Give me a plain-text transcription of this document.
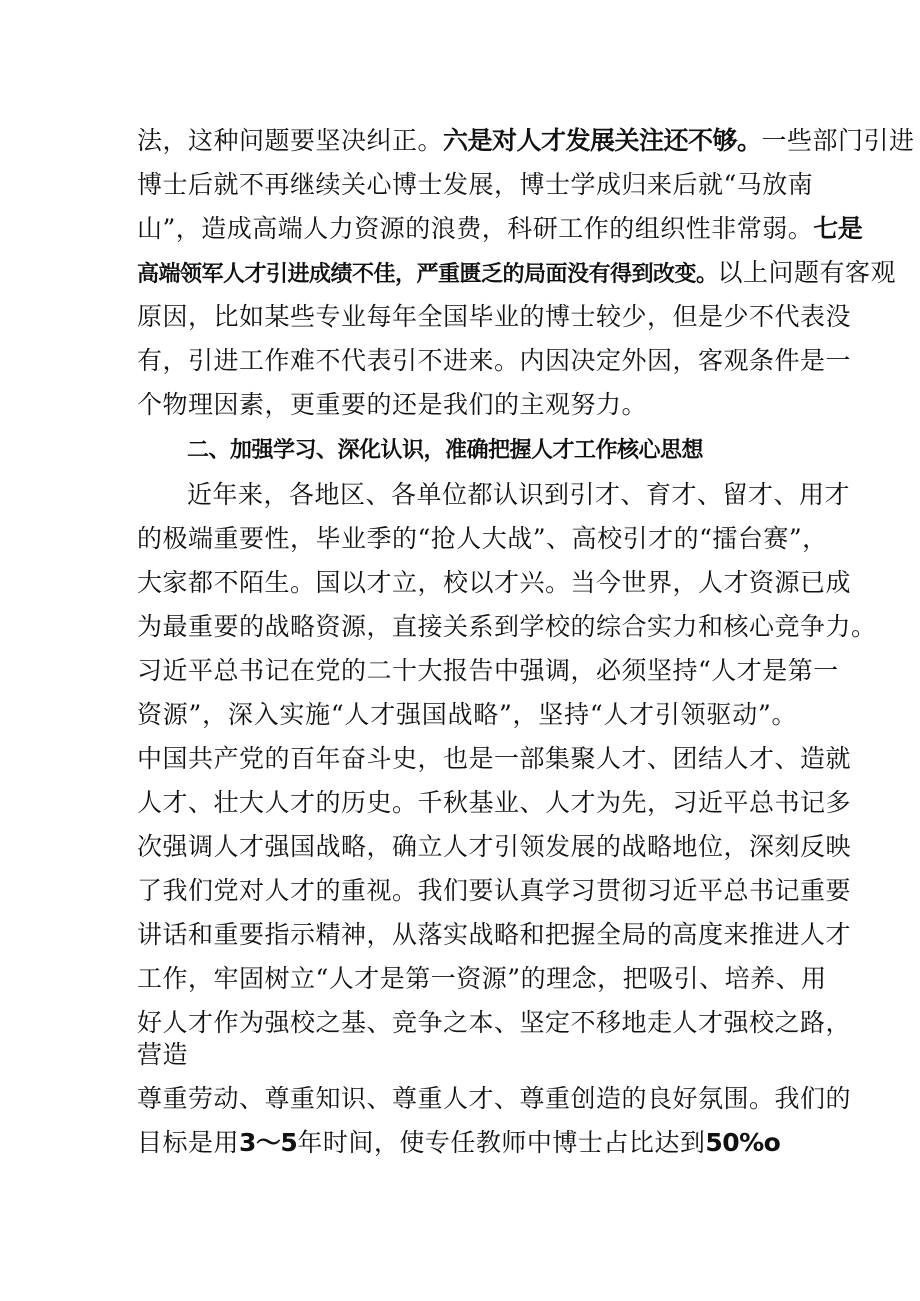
法，这种问题要坚决纠正。六是对人才发展关注还不够。一些部门引进
博士后就不再继续关心博士发展，博士学成归来后就“马放南
山”，造成高端人力资源的浪费，科研工作的组织性非常弱。七是
高端领军人才引进成绩不佳，严重匮乏的局面没有得到改变。以上问题有客观
原因，比如某些专业每年全国毕业的博士较少，但是少不代表没
有，引进工作难不代表引不进来。内因决定外因，客观条件是一
个物理因素，更重要的还是我们的主观努力。
二、加强学习、深化认识，准确把握人才工作核心思想
近年来，各地区、各单位都认识到引才、育才、留才、用才
的极端重要性，毕业季的“抢人大战”、高校引才的“擂台赛”，
大家都不陌生。国以才立，校以才兴。当今世界，人才资源已成
为最重要的战略资源，直接关系到学校的综合实力和核心竞争力。
习近平总书记在党的二十大报告中强调，必须坚持“人才是第一
资源”，深入实施“人才强国战略”，坚持“人才引领驱动”。
中国共产党的百年奋斗史，也是一部集聚人才、团结人才、造就
人才、壮大人才的历史。千秋基业、人才为先，习近平总书记多
次强调人才强国战略，确立人才引领发展的战略地位，深刻反映
了我们党对人才的重视。我们要认真学习贯彻习近平总书记重要
讲话和重要指示精神，从落实战略和把握全局的高度来推进人才
工作，牢固树立“人才是第一资源”的理念，把吸引、培养、用
好人才作为强校之基、竞争之本、坚定不移地走人才强校之路，
营造
尊重劳动、尊重知识、尊重人才、尊重创造的良好氛围。我们的
目标是用3～5年时间，使专任教师中博士占比达到50%o
